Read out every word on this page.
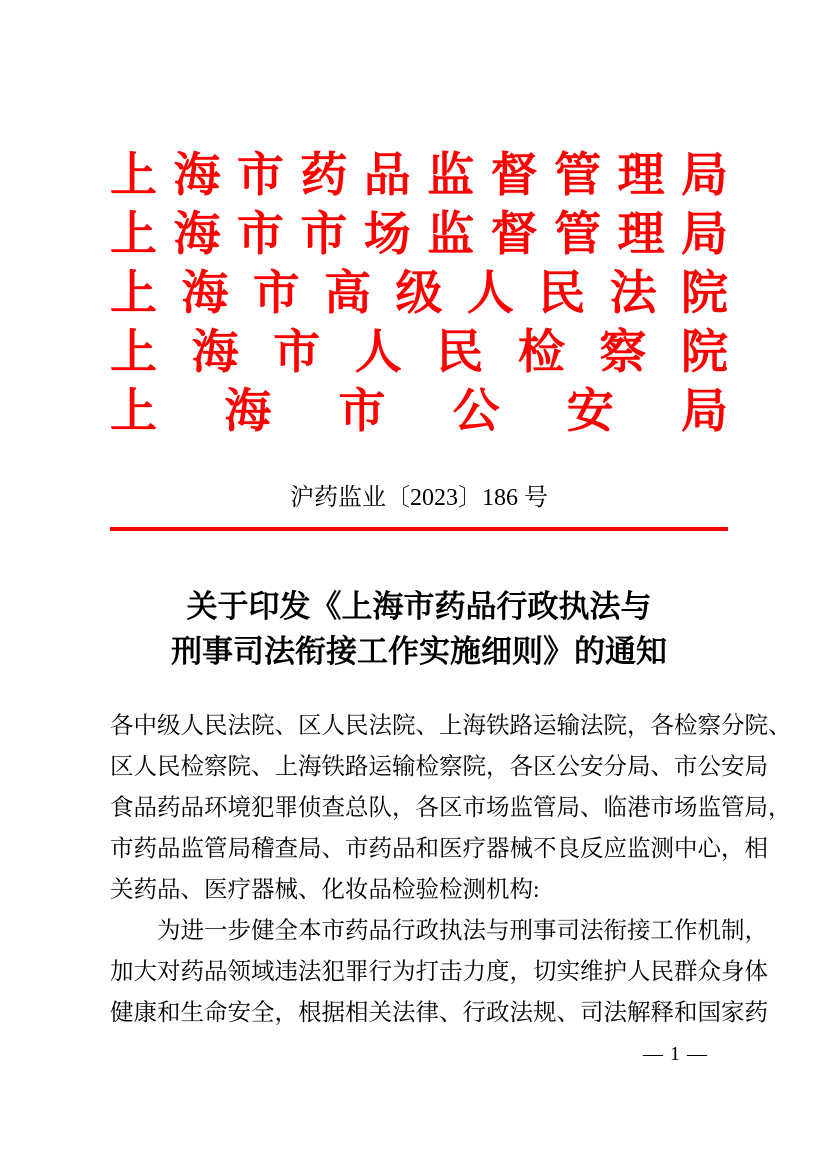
上 海 市 药 品 监 督 管 理 局
上 海 市 市 场 监 督 管 理 局
上 海 市 高 级 人 民 法 院
上 海 市 人 民 检 察 院
上 海 市 公 安 局
沪药监业〔2023〕186 号
关于印发《上海市药品行政执法与
刑事司法衔接工作实施细则》的通知
各中级人民法院、区人民法院、上海铁路运输法院，各检察分院、
区人民检察院、上海铁路运输检察院，各区公安分局、市公安局
食品药品环境犯罪侦查总队，各区市场监管局、临港市场监管局，
市药品监管局稽查局、市药品和医疗器械不良反应监测中心，相
关药品、医疗器械、化妆品检验检测机构:
为进一步健全本市药品行政执法与刑事司法衔接工作机制，
加大对药品领域违法犯罪行为打击力度，切实维护人民群众身体
健康和生命安全，根据相关法律、行政法规、司法解释和国家药
— 1 —
